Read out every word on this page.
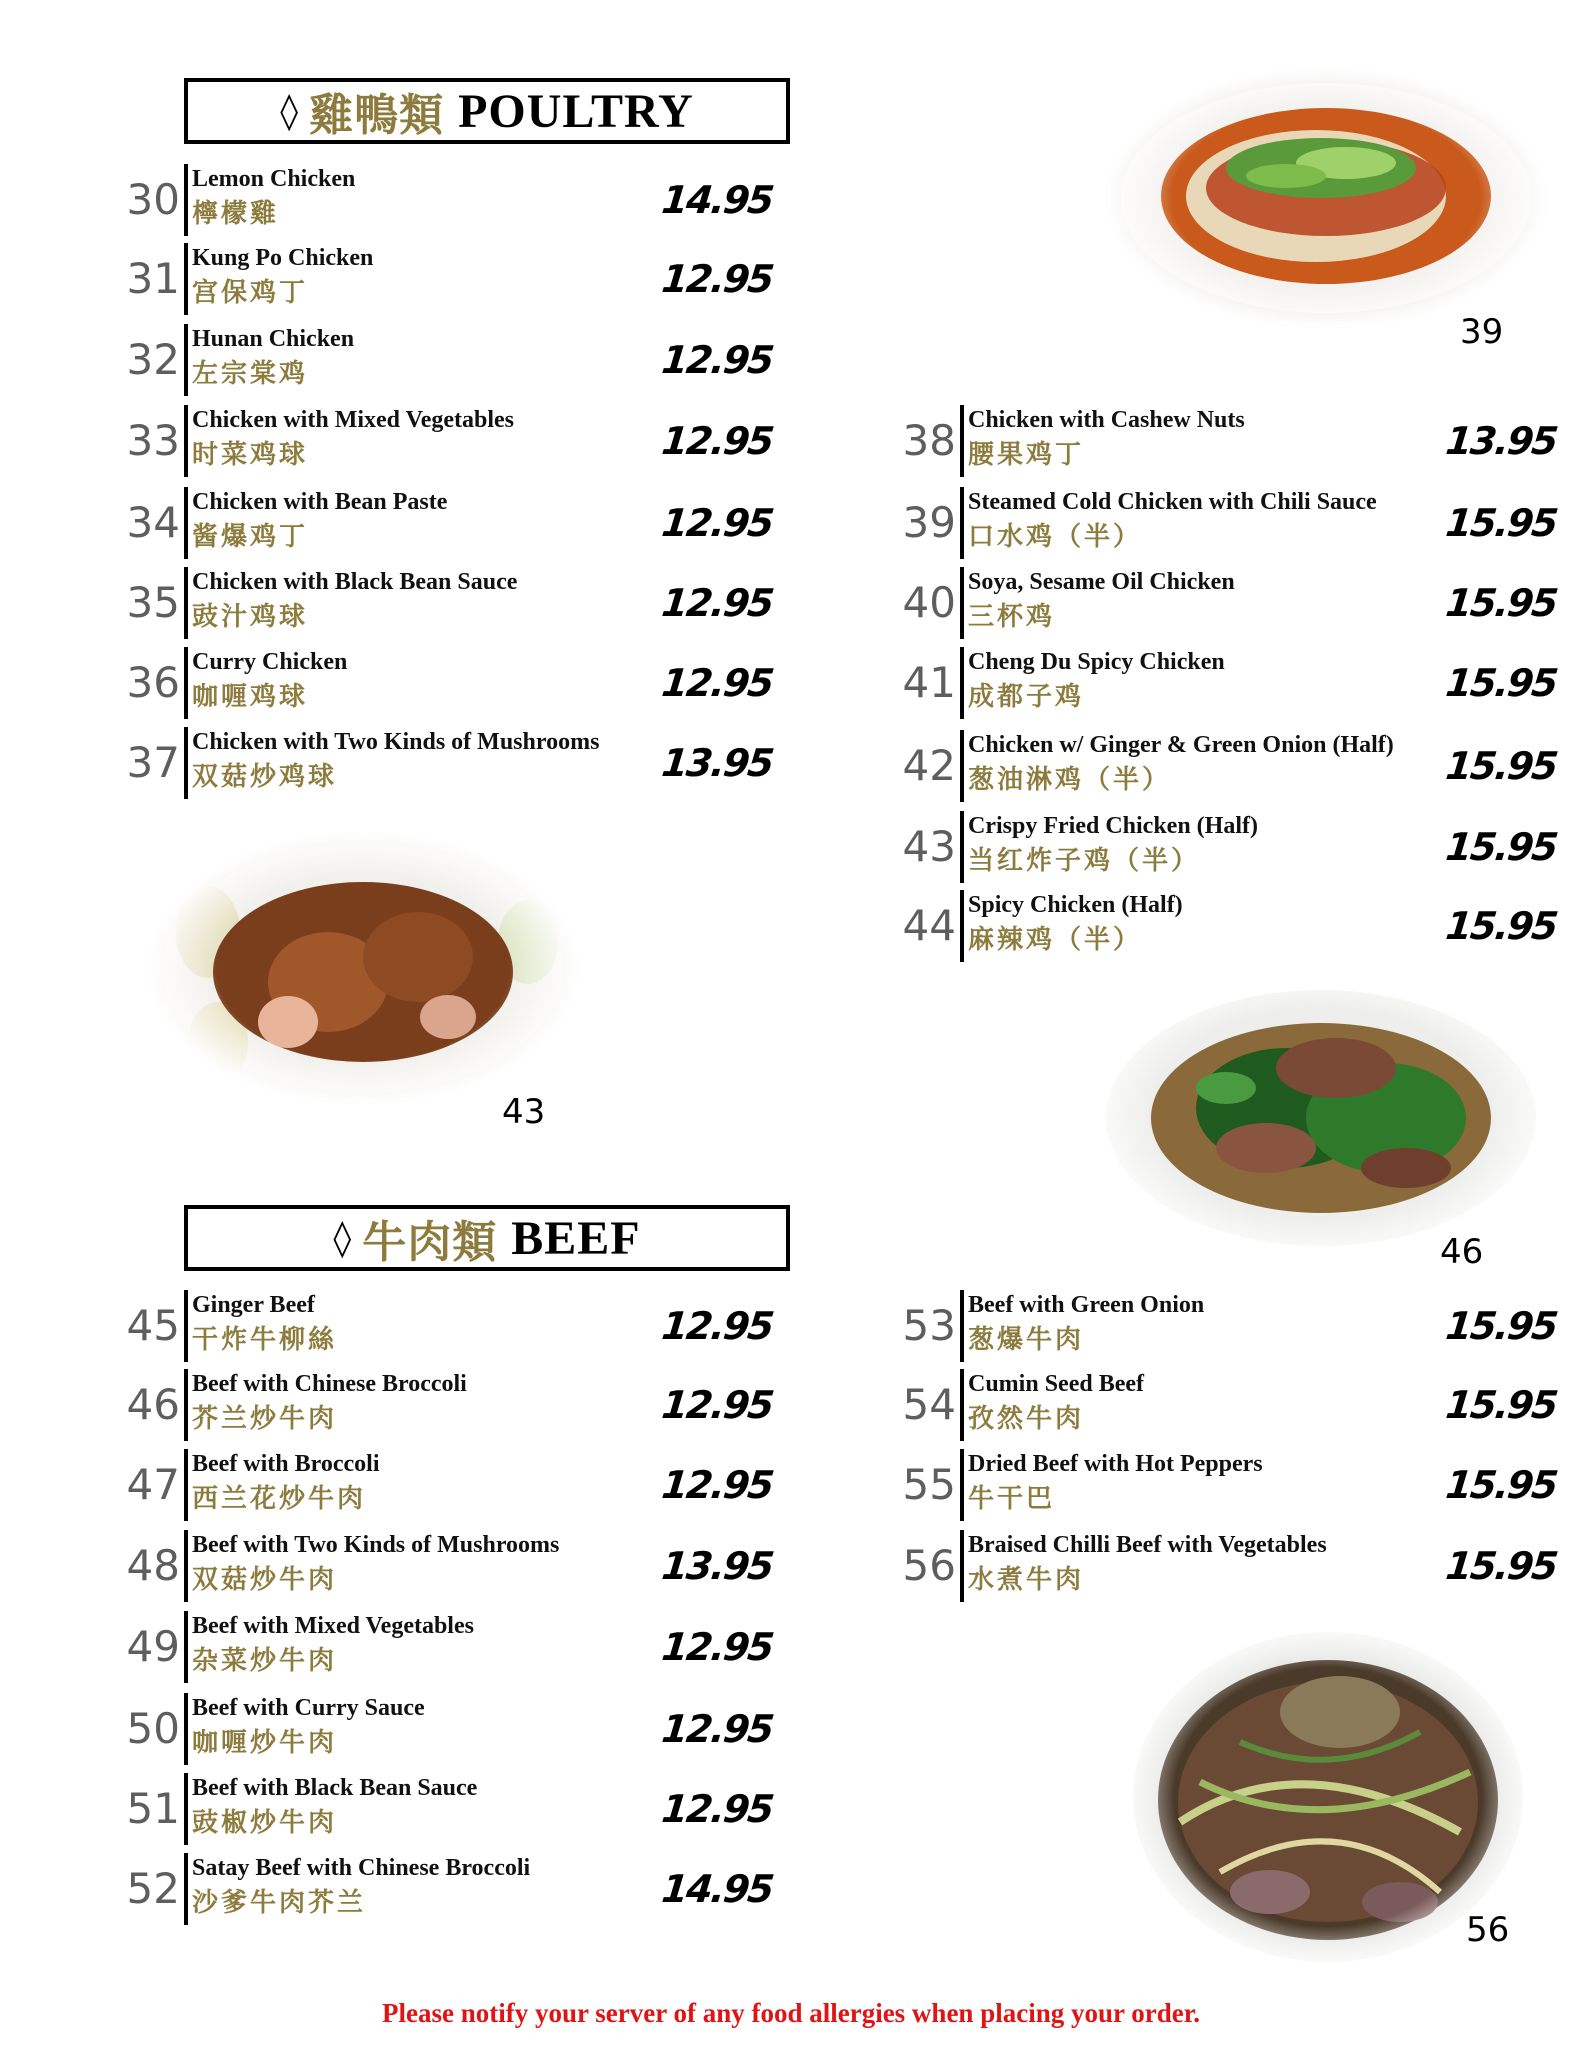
◊ 雞鴨類 POULTRY
30 Lemon Chicken
檸檬雞	14.95
31 Kung Po Chicken
宫保鸡丁	12.95
32 Hunan Chicken
左宗棠鸡	12.95
33 Chicken with Mixed Vegetables
时菜鸡球	12.95
34 Chicken with Bean Paste
酱爆鸡丁	12.95
35 Chicken with Black Bean Sauce
豉汁鸡球	12.95
36 Curry Chicken
咖喱鸡球	12.95
37 Chicken with Two Kinds of Mushrooms
双菇炒鸡球	13.95
38 Chicken with Cashew Nuts
腰果鸡丁	13.95
39 Steamed Cold Chicken with Chili Sauce
口水鸡（半）	15.95
40 Soya, Sesame Oil Chicken
三杯鸡	15.95
41 Cheng Du Spicy Chicken
成都子鸡	15.95
42 Chicken w/ Ginger & Green Onion (Half)
葱油淋鸡（半）	15.95
43 Crispy Fried Chicken (Half)
当红炸子鸡（半）	15.95
44 Spicy Chicken (Half)
麻辣鸡（半）	15.95
39
43
46
◊ 牛肉類 BEEF
45 Ginger Beef
干炸牛柳絲	12.95
46 Beef with Chinese Broccoli
芥兰炒牛肉	12.95
47 Beef with Broccoli
西兰花炒牛肉	12.95
48 Beef with Two Kinds of Mushrooms
双菇炒牛肉	13.95
49 Beef with Mixed Vegetables
杂菜炒牛肉	12.95
50 Beef with Curry Sauce
咖喱炒牛肉	12.95
51 Beef with Black Bean Sauce
豉椒炒牛肉	12.95
52 Satay Beef with Chinese Broccoli
沙爹牛肉芥兰	14.95
53 Beef with Green Onion
葱爆牛肉	15.95
54 Cumin Seed Beef
孜然牛肉	15.95
55 Dried Beef with Hot Peppers
牛干巴	15.95
56 Braised Chilli Beef with Vegetables
水煮牛肉	15.95
56
Please notify your server of any food allergies when placing your order.
